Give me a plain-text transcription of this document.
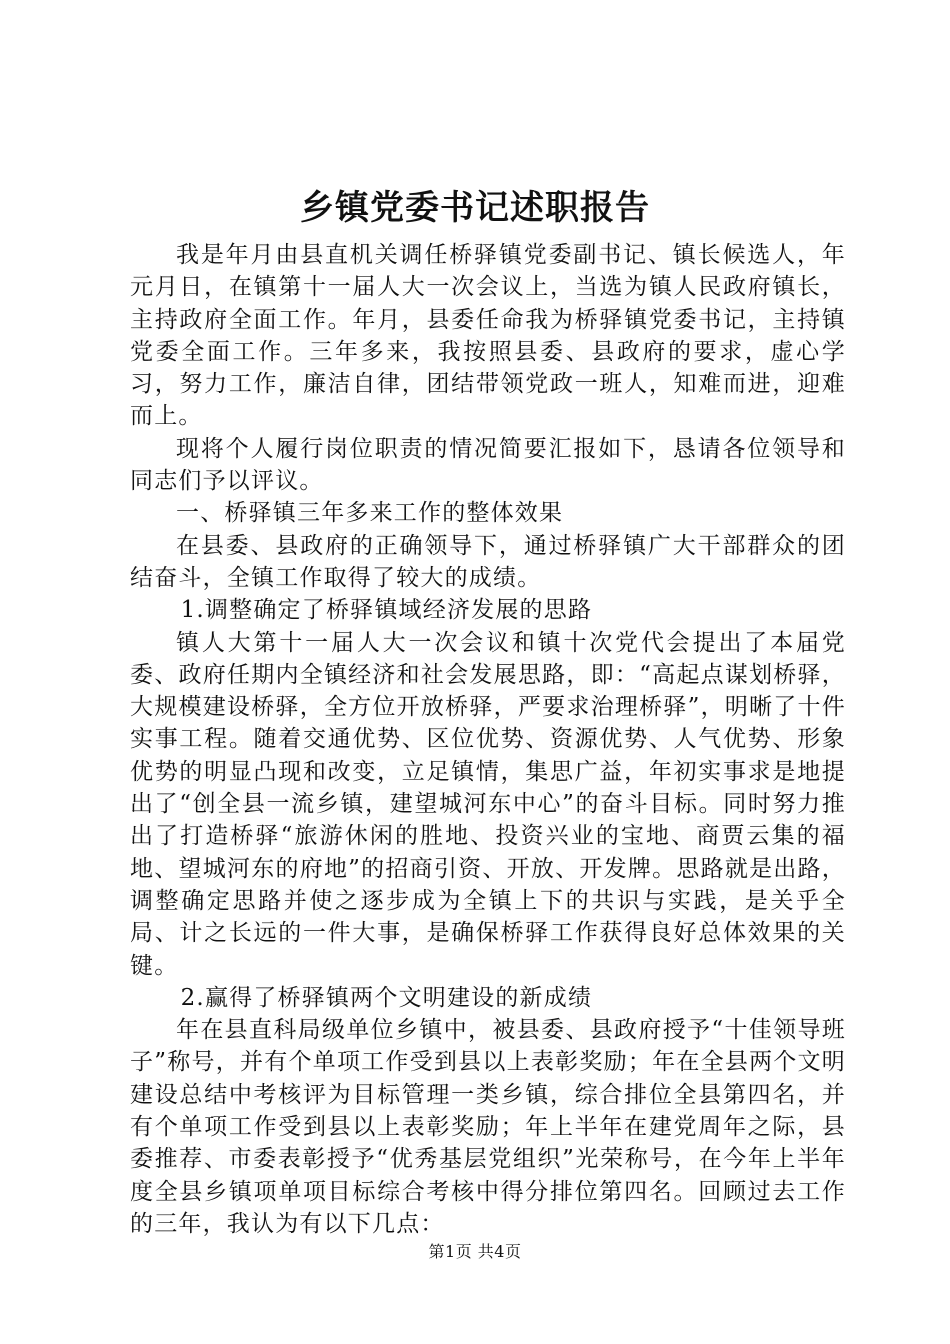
乡镇党委书记述职报告

我是年月由县直机关调任桥驿镇党委副书记、镇长候选人，年元月日，在镇第十一届人大一次会议上，当选为镇人民政府镇长，主持政府全面工作。年月，县委任命我为桥驿镇党委书记，主持镇党委全面工作。三年多来，我按照县委、县政府的要求，虚心学习，努力工作，廉洁自律，团结带领党政一班人，知难而进，迎难而上。

现将个人履行岗位职责的情况简要汇报如下，恳请各位领导和同志们予以评议。

一、桥驿镇三年多来工作的整体效果

在县委、县政府的正确领导下，通过桥驿镇广大干部群众的团结奋斗，全镇工作取得了较大的成绩。

1.调整确定了桥驿镇域经济发展的思路

镇人大第十一届人大一次会议和镇十次党代会提出了本届党委、政府任期内全镇经济和社会发展思路，即：“高起点谋划桥驿，大规模建设桥驿，全方位开放桥驿，严要求治理桥驿”，明晰了十件实事工程。随着交通优势、区位优势、资源优势、人气优势、形象优势的明显凸现和改变，立足镇情，集思广益，年初实事求是地提出了“创全县一流乡镇，建望城河东中心”的奋斗目标。同时努力推出了打造桥驿“旅游休闲的胜地、投资兴业的宝地、商贾云集的福地、望城河东的府地”的招商引资、开放、开发牌。思路就是出路，调整确定思路并使之逐步成为全镇上下的共识与实践，是关乎全局、计之长远的一件大事，是确保桥驿工作获得良好总体效果的关键。

2.赢得了桥驿镇两个文明建设的新成绩

年在县直科局级单位乡镇中，被县委、县政府授予“十佳领导班子”称号，并有个单项工作受到县以上表彰奖励；年在全县两个文明建设总结中考核评为目标管理一类乡镇，综合排位全县第四名，并有个单项工作受到县以上表彰奖励；年上半年在建党周年之际，县委推荐、市委表彰授予“优秀基层党组织”光荣称号，在今年上半年度全县乡镇项单项目标综合考核中得分排位第四名。回顾过去工作的三年，我认为有以下几点：

第1页 共4页
